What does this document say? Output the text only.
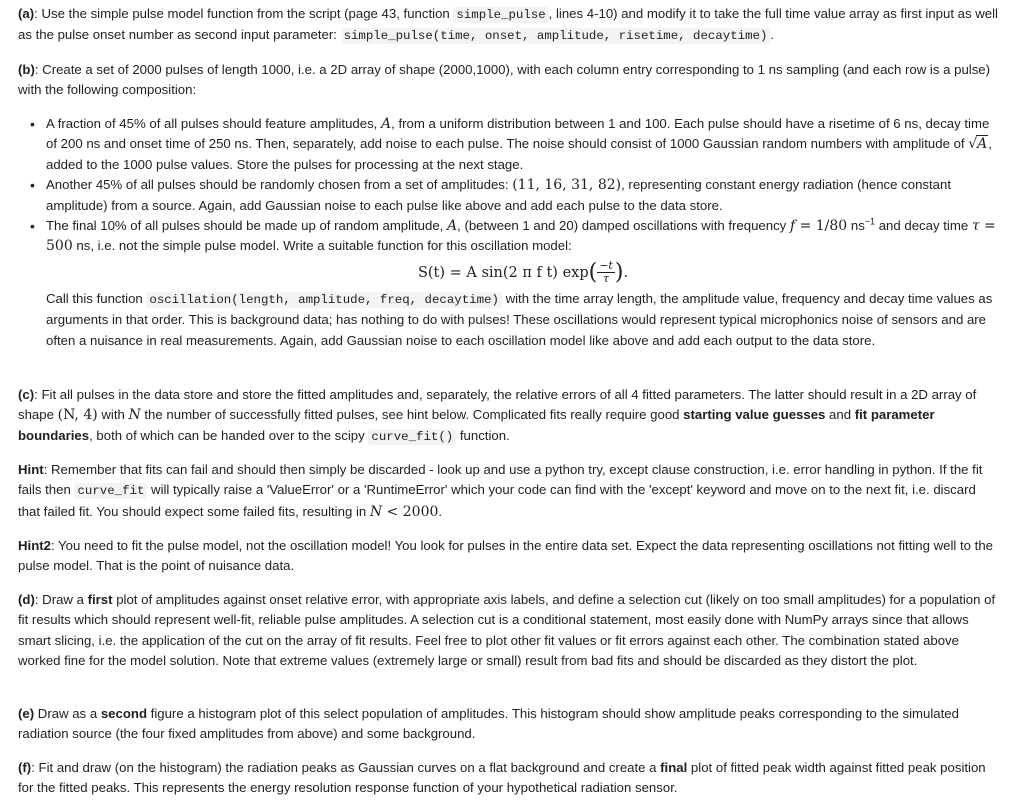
(a): Use the simple pulse model function from the script (page 43, function simple_pulse , lines 4-10) and modify it to take the full time value array as first input as well as the pulse onset number as second input parameter: simple_pulse(time, onset, amplitude, risetime, decaytime) .

(b): Create a set of 2000 pulses of length 1000, i.e. a 2D array of shape (2000,1000), with each column entry corresponding to 1 ns sampling (and each row is a pulse) with the following composition:

• A fraction of 45% of all pulses should feature amplitudes, A, from a uniform distribution between 1 and 100. Each pulse should have a risetime of 6 ns, decay time of 200 ns and onset time of 250 ns. Then, separately, add noise to each pulse. The noise should consist of 1000 Gaussian random numbers with amplitude of √A, added to the 1000 pulse values. Store the pulses for processing at the next stage.
• Another 45% of all pulses should be randomly chosen from a set of amplitudes: (11, 16, 31, 82), representing constant energy radiation (hence constant amplitude) from a source. Again, add Gaussian noise to each pulse like above and add each pulse to the data store.
• The final 10% of all pulses should be made up of random amplitude, A, (between 1 and 20) damped oscillations with frequency f = 1/80 $ns^{-1}$ and decay time τ = 500 ns, i.e. not the simple pulse model. Write a suitable function for this oscillation model:
S(t) = A sin(2 π f t) $\exp( \frac{-t}{\tau}$ ).
Call this function oscillation(length, amplitude, freq, decaytime) with the time array length, the amplitude value, frequency and decay time values as arguments in that order. This is background data; has nothing to do with pulses! These oscillations would represent typical microphonics noise of sensors and are often a nuisance in real measurements. Again, add Gaussian noise to each oscillation model like above and add each output to the data store.

(c): Fit all pulses in the data store and store the fitted amplitudes and, separately, the relative errors of all 4 fitted parameters. The latter should result in a 2D array of shape (N, 4) with N the number of successfully fitted pulses, see hint below. Complicated fits really require good starting value guesses and fit parameter boundaries, both of which can be handed over to the scipy curve_fit() function.

Hint: Remember that fits can fail and should then simply be discarded - look up and use a python try, except clause construction, i.e. error handling in python. If the fit fails then curve_fit will typically raise a 'ValueError' or a 'RuntimeError' which your code can find with the 'except' keyword and move on to the next fit, i.e. discard that failed fit. You should expect some failed fits, resulting in N < 2000.

Hint2: You need to fit the pulse model, not the oscillation model! You look for pulses in the entire data set. Expect the data representing oscillations not fitting well to the pulse model. That is the point of nuisance data.

(d): Draw a first plot of amplitudes against onset relative error, with appropriate axis labels, and define a selection cut (likely on too small amplitudes) for a population of fit results which should represent well-fit, reliable pulse amplitudes. A selection cut is a conditional statement, most easily done with NumPy arrays since that allows smart slicing, i.e. the application of the cut on the array of fit results. Feel free to plot other fit values or fit errors against each other. The combination stated above worked fine for the model solution. Note that extreme values (extremely large or small) result from bad fits and should be discarded as they distort the plot.

(e) Draw as a second figure a histogram plot of this select population of amplitudes. This histogram should show amplitude peaks corresponding to the simulated radiation source (the four fixed amplitudes from above) and some background.

(f): Fit and draw (on the histogram) the radiation peaks as Gaussian curves on a flat background and create a final plot of fitted peak width against fitted peak position for the fitted peaks. This represents the energy resolution response function of your hypothetical radiation sensor.
